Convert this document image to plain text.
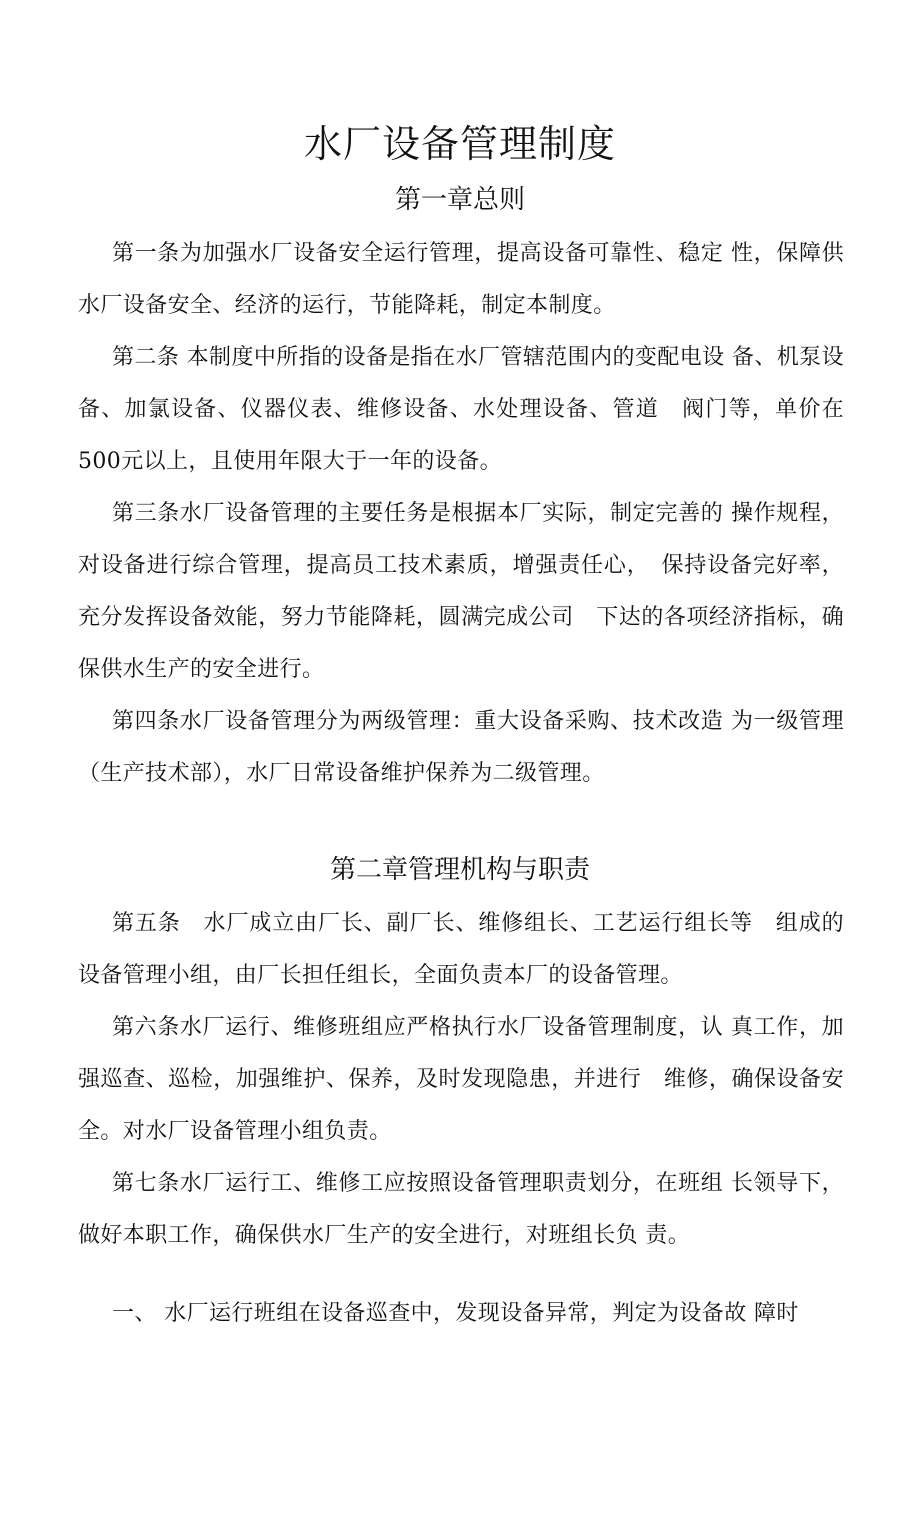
水厂设备管理制度
第一章总则
第一条为加强水厂设备安全运行管理，提高设备可靠性、稳定 性，保障供水厂设备安全、经济的运行，节能降耗，制定本制度。
第二条 本制度中所指的设备是指在水厂管辖范围内的变配电设 备、机泵设备、加氯设备、仪器仪表、维修设备、水处理设备、管道　阀门等，单价在500元以上，且使用年限大于一年的设备。
第三条水厂设备管理的主要任务是根据本厂实际，制定完善的 操作规程，对设备进行综合管理，提高员工技术素质，增强责任心，　保持设备完好率，充分发挥设备效能，努力节能降耗，圆满完成公司　下达的各项经济指标，确保供水生产的安全进行。
第四条水厂设备管理分为两级管理：重大设备采购、技术改造 为一级管理（生产技术部），水厂日常设备维护保养为二级管理。
第二章管理机构与职责
第五条　水厂成立由厂长、副厂长、维修组长、工艺运行组长等　组成的设备管理小组，由厂长担任组长，全面负责本厂的设备管理。
第六条水厂运行、维修班组应严格执行水厂设备管理制度，认 真工作，加强巡查、巡检，加强维护、保养，及时发现隐患，并进行　维修，确保设备安全。对水厂设备管理小组负责。
第七条水厂运行工、维修工应按照设备管理职责划分，在班组 长领导下，做好本职工作，确保供水厂生产的安全进行，对班组长负 责。
一、 水厂运行班组在设备巡查中，发现设备异常，判定为设备故 障时
